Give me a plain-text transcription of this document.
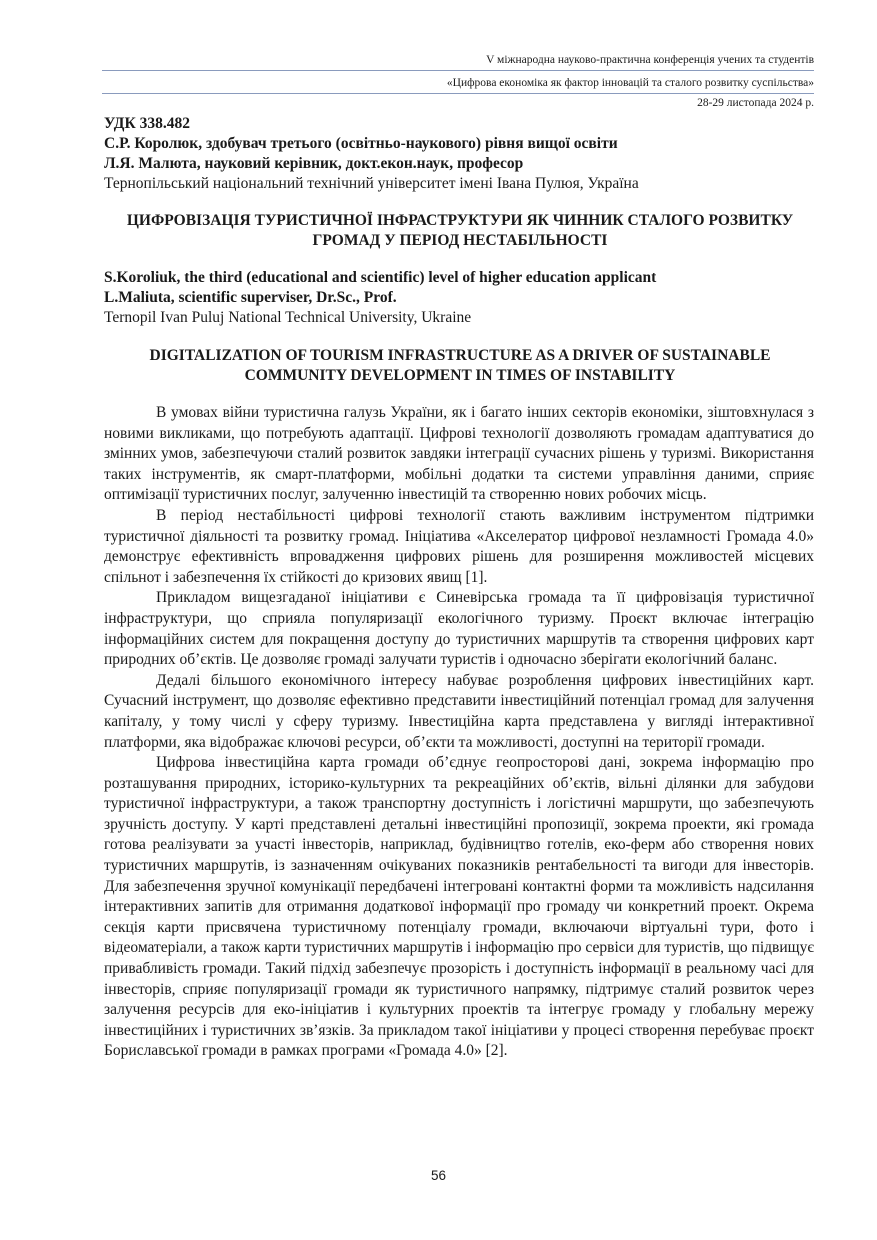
V міжнародна науково-практична конференція учених та студентів
«Цифрова економіка як фактор інновацій та сталого розвитку суспільства»
28-29 листопада 2024 р.
УДК 338.482
С.Р. Королюк, здобувач третього (освітньо-наукового) рівня вищої освіти
Л.Я. Малюта, науковий керівник, докт.екон.наук, професор
Тернопільський національний технічний університет імені Івана Пулюя, Україна
ЦИФРОВІЗАЦІЯ ТУРИСТИЧНОЇ ІНФРАСТРУКТУРИ ЯК ЧИННИК СТАЛОГО РОЗВИТКУ ГРОМАД У ПЕРІОД НЕСТАБІЛЬНОСТІ
S.Koroliuk, the third (educational and scientific) level of higher education applicant
L.Maliuta, scientific superviser, Dr.Sc., Prof.
Ternopil Ivan Puluj National Technical University, Ukraine
DIGITALIZATION OF TOURISM INFRASTRUCTURE AS A DRIVER OF SUSTAINABLE COMMUNITY DEVELOPMENT IN TIMES OF INSTABILITY

В умовах війни туристична галузь України, як і багато інших секторів економіки, зіштовхнулася з новими викликами, що потребують адаптації. Цифрові технології дозволяють громадам адаптуватися до змінних умов, забезпечуючи сталий розвиток завдяки інтеграції сучасних рішень у туризмі. Використання таких інструментів, як смарт-платформи, мобільні додатки та системи управління даними, сприяє оптимізації туристичних послуг, залученню інвестицій та створенню нових робочих місць.

В період нестабільності цифрові технології стають важливим інструментом підтримки туристичної діяльності та розвитку громад. Ініціатива «Акселератор цифрової незламності Громада 4.0» демонструє ефективність впровадження цифрових рішень для розширення можливостей місцевих спільнот і забезпечення їх стійкості до кризових явищ [1].

Прикладом вищезгаданої ініціативи є Синевірська громада та її цифровізація туристичної інфраструктури, що сприяла популяризації екологічного туризму. Проєкт включає інтеграцію інформаційних систем для покращення доступу до туристичних маршрутів та створення цифрових карт природних об’єктів. Це дозволяє громаді залучати туристів і одночасно зберігати екологічний баланс.

Дедалі більшого економічного інтересу набуває розроблення цифрових інвестиційних карт. Сучасний інструмент, що дозволяє ефективно представити інвестиційний потенціал громад для залучення капіталу, у тому числі у сферу туризму. Інвестиційна карта представлена у вигляді інтерактивної платформи, яка відображає ключові ресурси, об’єкти та можливості, доступні на території громади.

Цифрова інвестиційна карта громади об’єднує геопросторові дані, зокрема інформацію про розташування природних, історико-культурних та рекреаційних об’єктів, вільні ділянки для забудови туристичної інфраструктури, а також транспортну доступність і логістичні маршрути, що забезпечують зручність доступу. У карті представлені детальні інвестиційні пропозиції, зокрема проекти, які громада готова реалізувати за участі інвесторів, наприклад, будівництво готелів, еко-ферм або створення нових туристичних маршрутів, із зазначенням очікуваних показників рентабельності та вигоди для інвесторів. Для забезпечення зручної комунікації передбачені інтегровані контактні форми та можливість надсилання інтерактивних запитів для отримання додаткової інформації про громаду чи конкретний проект. Окрема секція карти присвячена туристичному потенціалу громади, включаючи віртуальні тури, фото і відеоматеріали, а також карти туристичних маршрутів і інформацію про сервіси для туристів, що підвищує привабливість громади. Такий підхід забезпечує прозорість і доступність інформації в реальному часі для інвесторів, сприяє популяризації громади як туристичного напрямку, підтримує сталий розвиток через залучення ресурсів для еко-ініціатив і культурних проектів та інтегрує громаду у глобальну мережу інвестиційних і туристичних зв’язків. За прикладом такої ініціативи у процесі створення перебуває проєкт Бориславської громади в рамках програми «Громада 4.0» [2].

56
